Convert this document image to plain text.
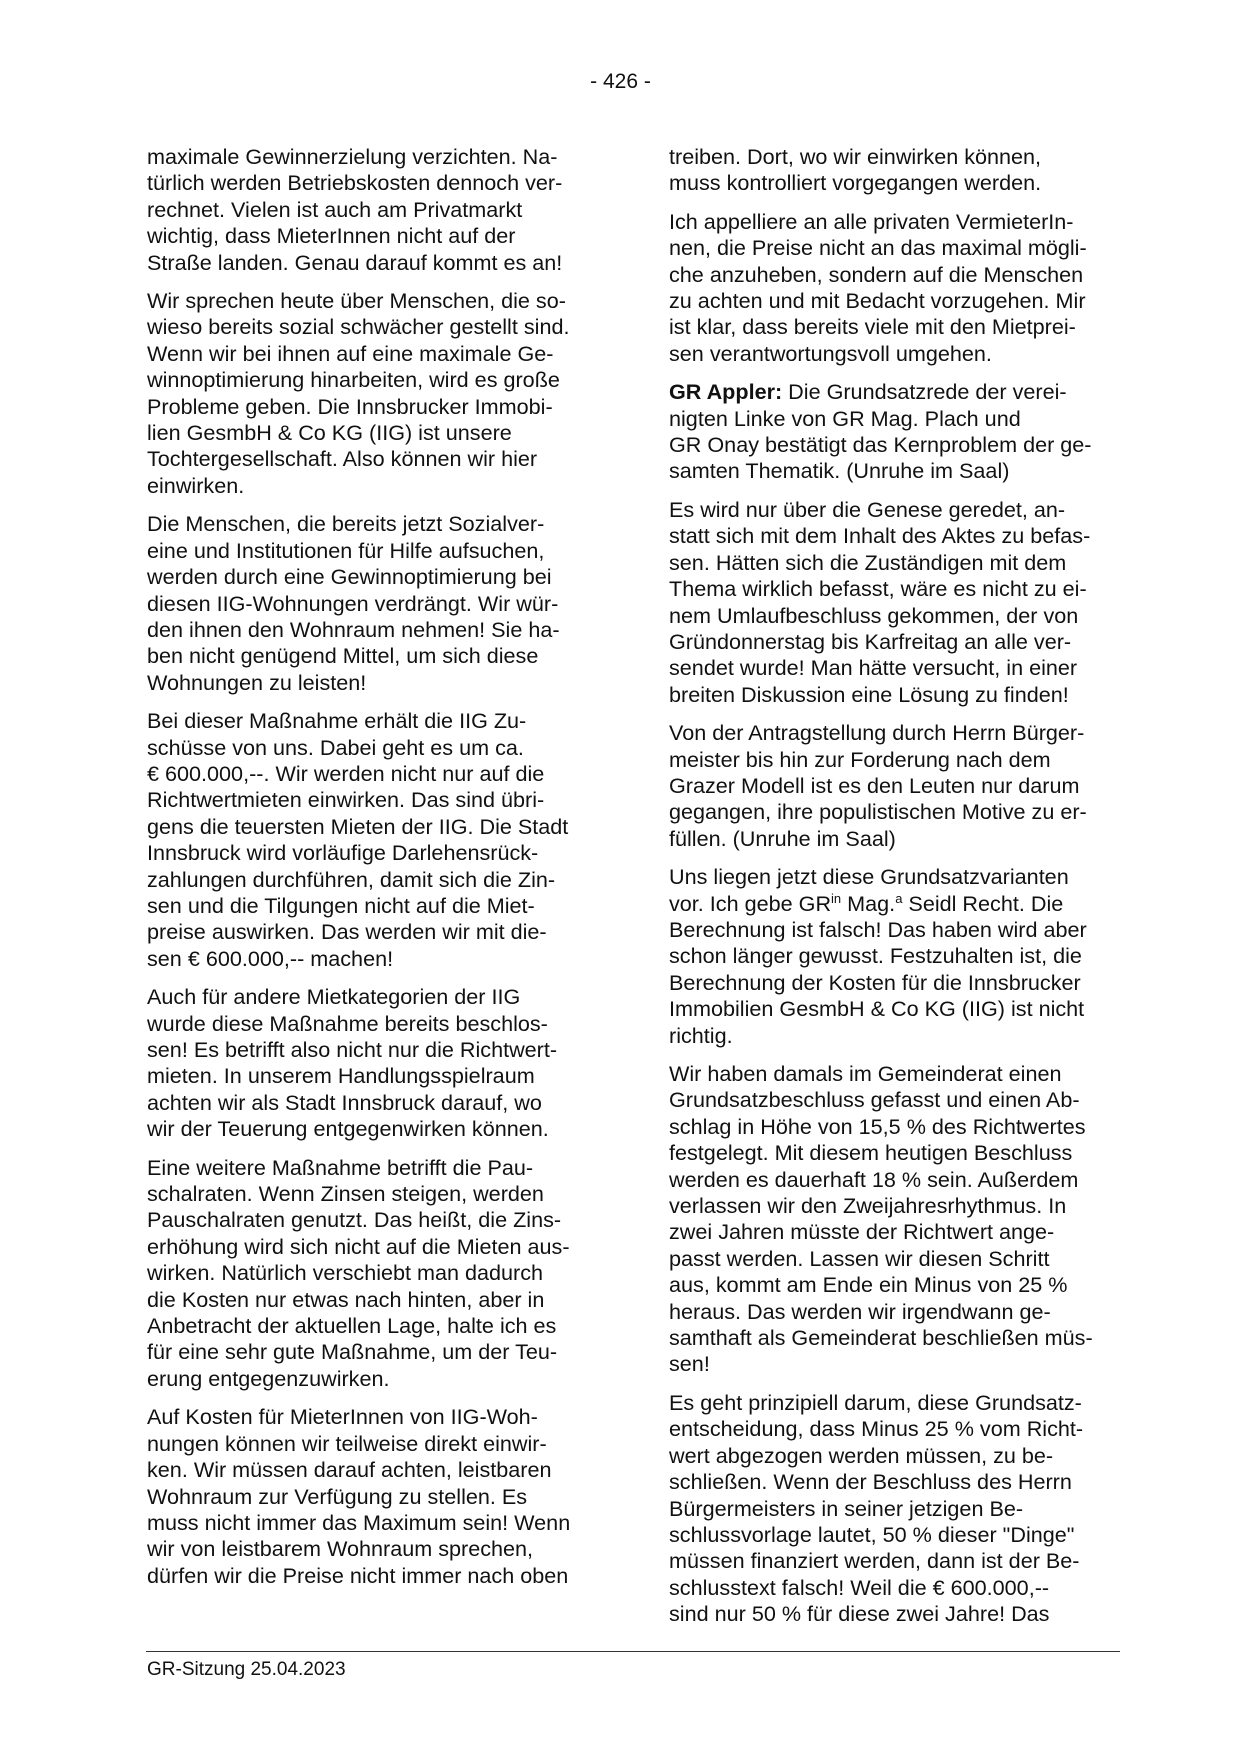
- 426 -

maximale Gewinnerzielung verzichten. Na-
türlich werden Betriebskosten dennoch ver-
rechnet. Vielen ist auch am Privatmarkt
wichtig, dass MieterInnen nicht auf der
Straße landen. Genau darauf kommt es an!

Wir sprechen heute über Menschen, die so-
wieso bereits sozial schwächer gestellt sind.
Wenn wir bei ihnen auf eine maximale Ge-
winnoptimierung hinarbeiten, wird es große
Probleme geben. Die Innsbrucker Immobi-
lien GesmbH & Co KG (IIG) ist unsere
Tochtergesellschaft. Also können wir hier
einwirken.

Die Menschen, die bereits jetzt Sozialver-
eine und Institutionen für Hilfe aufsuchen,
werden durch eine Gewinnoptimierung bei
diesen IIG-Wohnungen verdrängt. Wir wür-
den ihnen den Wohnraum nehmen! Sie ha-
ben nicht genügend Mittel, um sich diese
Wohnungen zu leisten!

Bei dieser Maßnahme erhält die IIG Zu-
schüsse von uns. Dabei geht es um ca.
€ 600.000,--. Wir werden nicht nur auf die
Richtwertmieten einwirken. Das sind übri-
gens die teuersten Mieten der IIG. Die Stadt
Innsbruck wird vorläufige Darlehensrück-
zahlungen durchführen, damit sich die Zin-
sen und die Tilgungen nicht auf die Miet-
preise auswirken. Das werden wir mit die-
sen € 600.000,-- machen!

Auch für andere Mietkategorien der IIG
wurde diese Maßnahme bereits beschlos-
sen! Es betrifft also nicht nur die Richtwert-
mieten. In unserem Handlungsspielraum
achten wir als Stadt Innsbruck darauf, wo
wir der Teuerung entgegenwirken können.

Eine weitere Maßnahme betrifft die Pau-
schalraten. Wenn Zinsen steigen, werden
Pauschalraten genutzt. Das heißt, die Zins-
erhöhung wird sich nicht auf die Mieten aus-
wirken. Natürlich verschiebt man dadurch
die Kosten nur etwas nach hinten, aber in
Anbetracht der aktuellen Lage, halte ich es
für eine sehr gute Maßnahme, um der Teu-
erung entgegenzuwirken.

Auf Kosten für MieterInnen von IIG-Woh-
nungen können wir teilweise direkt einwir-
ken. Wir müssen darauf achten, leistbaren
Wohnraum zur Verfügung zu stellen. Es
muss nicht immer das Maximum sein! Wenn
wir von leistbarem Wohnraum sprechen,
dürfen wir die Preise nicht immer nach oben

treiben. Dort, wo wir einwirken können,
muss kontrolliert vorgegangen werden.

Ich appelliere an alle privaten VermieterIn-
nen, die Preise nicht an das maximal mögli-
che anzuheben, sondern auf die Menschen
zu achten und mit Bedacht vorzugehen. Mir
ist klar, dass bereits viele mit den Mietprei-
sen verantwortungsvoll umgehen.

GR Appler: Die Grundsatzrede der verei-
nigten Linke von GR Mag. Plach und
GR Onay bestätigt das Kernproblem der ge-
samten Thematik. (Unruhe im Saal)

Es wird nur über die Genese geredet, an-
statt sich mit dem Inhalt des Aktes zu befas-
sen. Hätten sich die Zuständigen mit dem
Thema wirklich befasst, wäre es nicht zu ei-
nem Umlaufbeschluss gekommen, der von
Gründonnerstag bis Karfreitag an alle ver-
sendet wurde! Man hätte versucht, in einer
breiten Diskussion eine Lösung zu finden!

Von der Antragstellung durch Herrn Bürger-
meister bis hin zur Forderung nach dem
Grazer Modell ist es den Leuten nur darum
gegangen, ihre populistischen Motive zu er-
füllen. (Unruhe im Saal)

Uns liegen jetzt diese Grundsatzvarianten
vor. Ich gebe $GR^{in}$ Mag.$^a$ Seidl Recht. Die
Berechnung ist falsch! Das haben wird aber
schon länger gewusst. Festzuhalten ist, die
Berechnung der Kosten für die Innsbrucker
Immobilien GesmbH & Co KG (IIG) ist nicht
richtig.

Wir haben damals im Gemeinderat einen
Grundsatzbeschluss gefasst und einen Ab-
schlag in Höhe von 15,5 % des Richtwertes
festgelegt. Mit diesem heutigen Beschluss
werden es dauerhaft 18 % sein. Außerdem
verlassen wir den Zweijahresrhythmus. In
zwei Jahren müsste der Richtwert ange-
passt werden. Lassen wir diesen Schritt
aus, kommt am Ende ein Minus von 25 %
heraus. Das werden wir irgendwann ge-
samthaft als Gemeinderat beschließen müs-
sen!

Es geht prinzipiell darum, diese Grundsatz-
entscheidung, dass Minus 25 % vom Richt-
wert abgezogen werden müssen, zu be-
schließen. Wenn der Beschluss des Herrn
Bürgermeisters in seiner jetzigen Be-
schlussvorlage lautet, 50 % dieser "Dinge"
müssen finanziert werden, dann ist der Be-
schlusstext falsch! Weil die € 600.000,--
sind nur 50 % für diese zwei Jahre! Das

GR-Sitzung 25.04.2023
